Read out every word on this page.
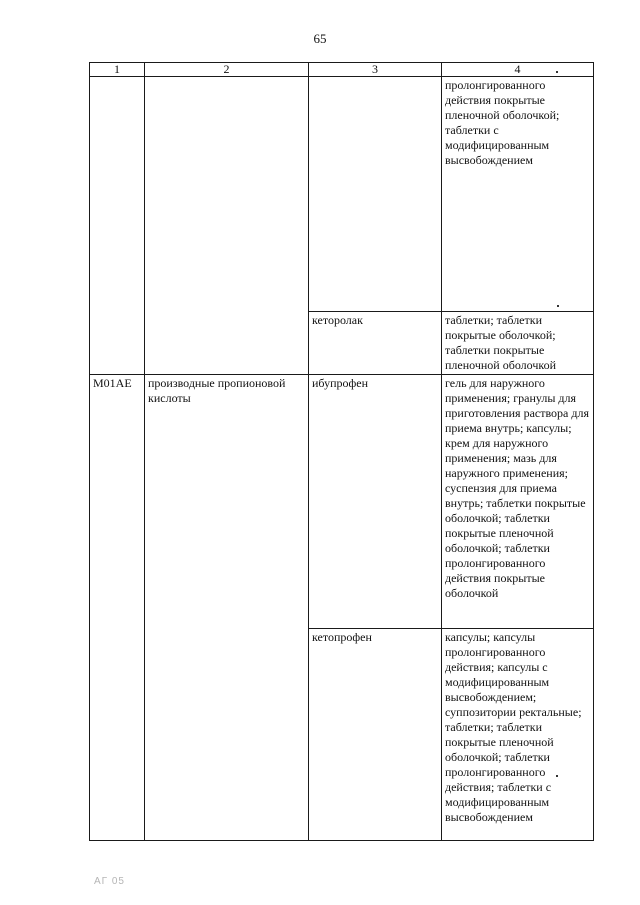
65
1	2	3	4
			пролонгированного действия покрытые пленочной оболочкой; таблетки с модифицированным высвобождением
		кеторолак	таблетки; таблетки покрытые оболочкой; таблетки покрытые пленочной оболочкой
M01AE	производные пропионовой кислоты	ибупрофен	гель для наружного применения; гранулы для приготовления раствора для приема внутрь; капсулы; крем для наружного применения; мазь для наружного применения; суспензия для приема внутрь; таблетки покрытые оболочкой; таблетки покрытые пленочной оболочкой; таблетки пролонгированного действия покрытые оболочкой
		кетопрофен	капсулы; капсулы пролонгированного действия; капсулы с модифицированным высвобождением; суппозитории ректальные; таблетки; таблетки покрытые пленочной оболочкой; таблетки пролонгированного действия; таблетки с модифицированным высвобождением
АГ 05
